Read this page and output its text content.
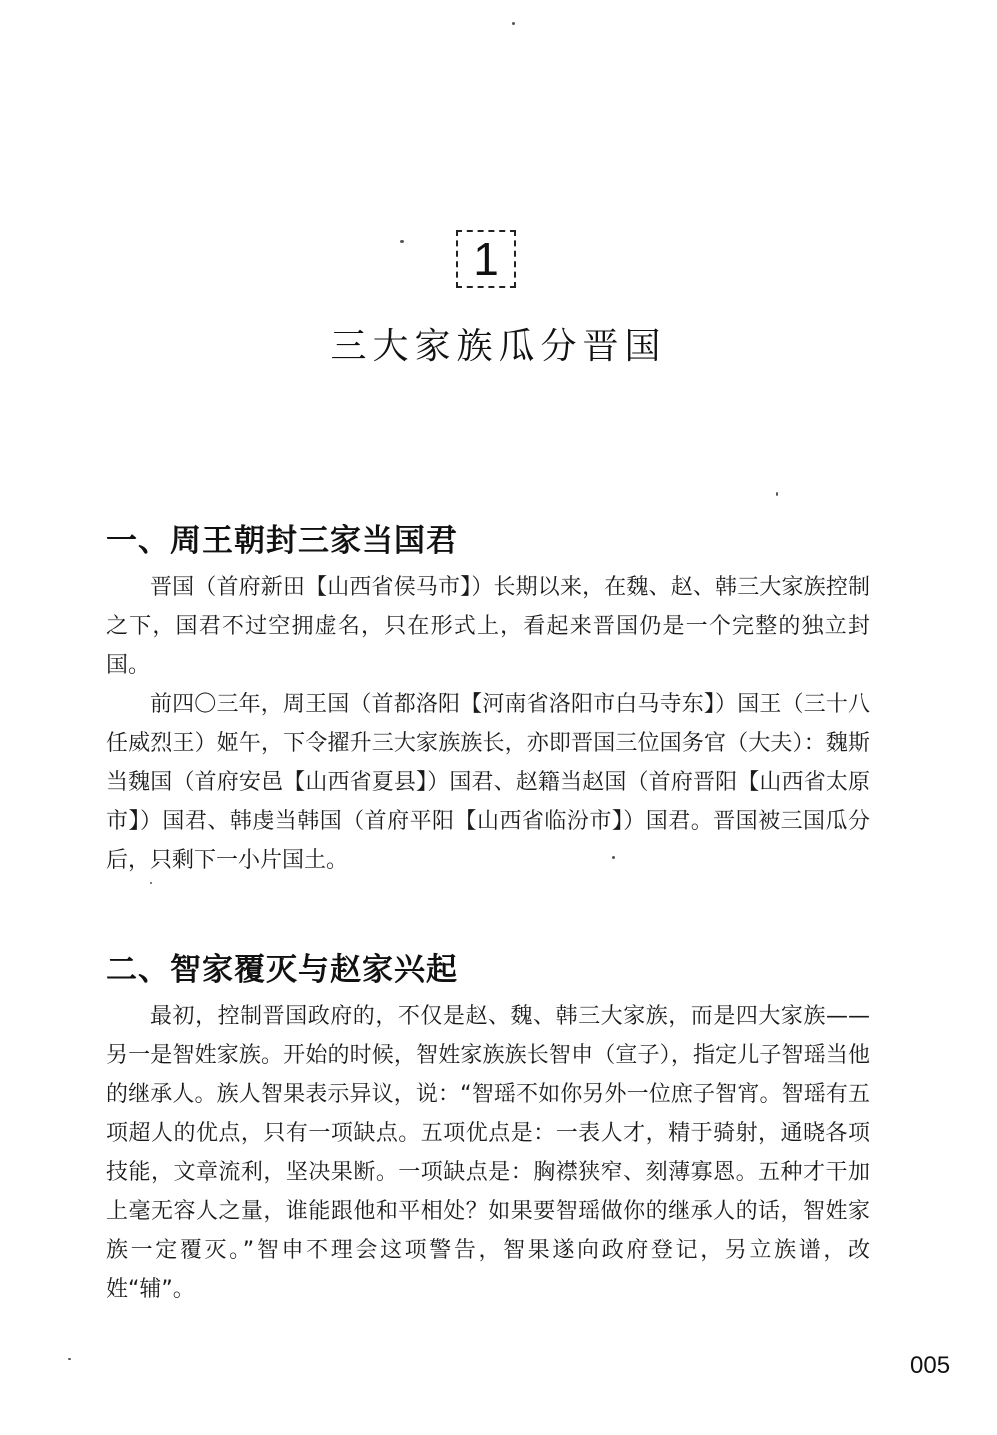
1
三大家族瓜分晋国
一、周王朝封三家当国君

晋国（首府新田【山西省侯马市】）长期以来，在魏、赵、韩三大家族控制之下，国君不过空拥虚名，只在形式上，看起来晋国仍是一个完整的独立封国。

前四〇三年，周王国（首都洛阳【河南省洛阳市白马寺东】）国王（三十八任威烈王）姬午，下令擢升三大家族族长，亦即晋国三位国务官（大夫）：魏斯当魏国（首府安邑【山西省夏县】）国君、赵籍当赵国（首府晋阳【山西省太原市】）国君、韩虔当韩国（首府平阳【山西省临汾市】）国君。晋国被三国瓜分后，只剩下一小片国土。

二、智家覆灭与赵家兴起

最初，控制晋国政府的，不仅是赵、魏、韩三大家族，而是四大家族——另一是智姓家族。开始的时候，智姓家族族长智申（宣子），指定儿子智瑶当他的继承人。族人智果表示异议，说：“智瑶不如你另外一位庶子智宵。智瑶有五项超人的优点，只有一项缺点。五项优点是：一表人才，精于骑射，通晓各项技能，文章流利，坚决果断。一项缺点是：胸襟狭窄、刻薄寡恩。五种才干加上毫无容人之量，谁能跟他和平相处？如果要智瑶做你的继承人的话，智姓家族一定覆灭。”智申不理会这项警告，智果遂向政府登记，另立族谱，改姓“辅”。

005
